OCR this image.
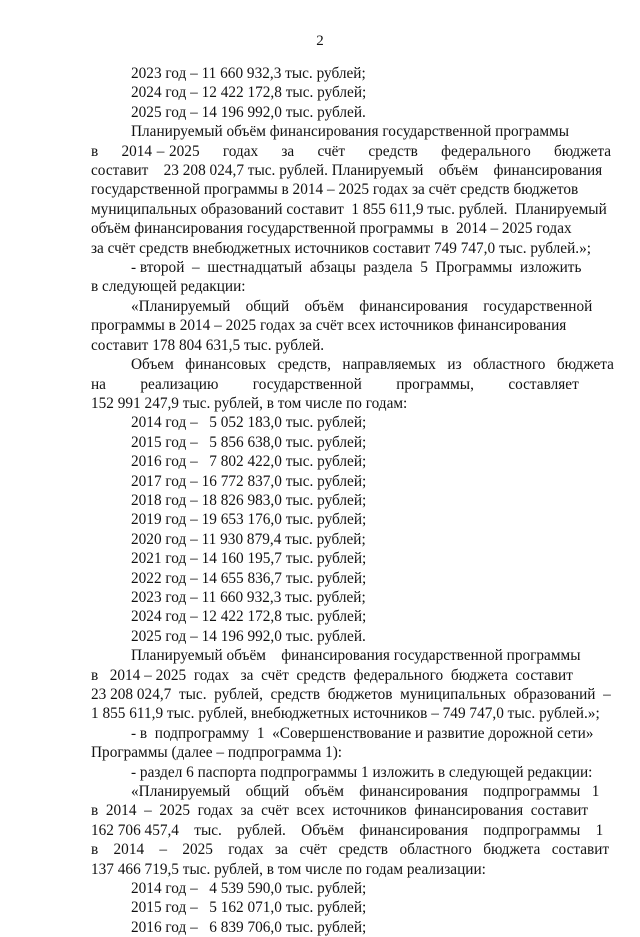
2
2023 год – 11 660 932,3 тыс. рублей;
2024 год – 12 422 172,8 тыс. рублей;
2025 год – 14 196 992,0 тыс. рублей.
Планируемый объём финансирования государственной программы
в     2014 – 2025     годах     за     счёт     средств     федерального     бюджета
составит    23 208 024,7 тыс. рублей. Планируемый    объём    финансирования
государственной программы в 2014 – 2025 годах за счёт средств бюджетов
муниципальных образований составит  1 855 611,9 тыс. рублей.  Планируемый
объём финансирования государственной программы  в  2014 – 2025 годах
за счёт средств внебюджетных источников составит 749 747,0 тыс. рублей.»;
- второй  –  шестнадцатый  абзацы  раздела  5  Программы  изложить
в следующей редакции:
«Планируемый    общий    объём    финансирования    государственной
программы в 2014 – 2025 годах за счёт всех источников финансирования
составит 178 804 631,5 тыс. рублей.
Объем   финансовых   средств,   направляемых   из   областного   бюджета
на         реализацию         государственной         программы,         составляет
152 991 247,9 тыс. рублей, в том числе по годам:
2014 год –   5 052 183,0 тыс. рублей;
2015 год –   5 856 638,0 тыс. рублей;
2016 год –   7 802 422,0 тыс. рублей;
2017 год – 16 772 837,0 тыс. рублей;
2018 год – 18 826 983,0 тыс. рублей;
2019 год – 19 653 176,0 тыс. рублей;
2020 год – 11 930 879,4 тыс. рублей;
2021 год – 14 160 195,7 тыс. рублей;
2022 год – 14 655 836,7 тыс. рублей;
2023 год – 11 660 932,3 тыс. рублей;
2024 год – 12 422 172,8 тыс. рублей;
2025 год – 14 196 992,0 тыс. рублей.
Планируемый объём    финансирования государственной программы
в   2014 – 2025  годах   за  счёт  средств  федерального  бюджета  составит
23 208 024,7  тыс.  рублей,  средств  бюджетов  муниципальных  образований  –
1 855 611,9 тыс. рублей, внебюджетных источников – 749 747,0 тыс. рублей.»;
- в  подпрограмму  1  «Совершенствование и развитие дорожной сети»
Программы (далее – подпрограмма 1):
- раздел 6 паспорта подпрограммы 1 изложить в следующей редакции:
«Планируемый    общий    объём    финансирования    подпрограммы   1
в  2014  –  2025  годах  за  счёт  всех  источников  финансирования  составит
162 706 457,4    тыс.    рублей.    Объём    финансирования    подпрограммы    1
в    2014    –    2025    годах   за   счёт   средств   областного   бюджета   составит
137 466 719,5 тыс. рублей, в том числе по годам реализации:
2014 год –   4 539 590,0 тыс. рублей;
2015 год –   5 162 071,0 тыс. рублей;
2016 год –   6 839 706,0 тыс. рублей;
